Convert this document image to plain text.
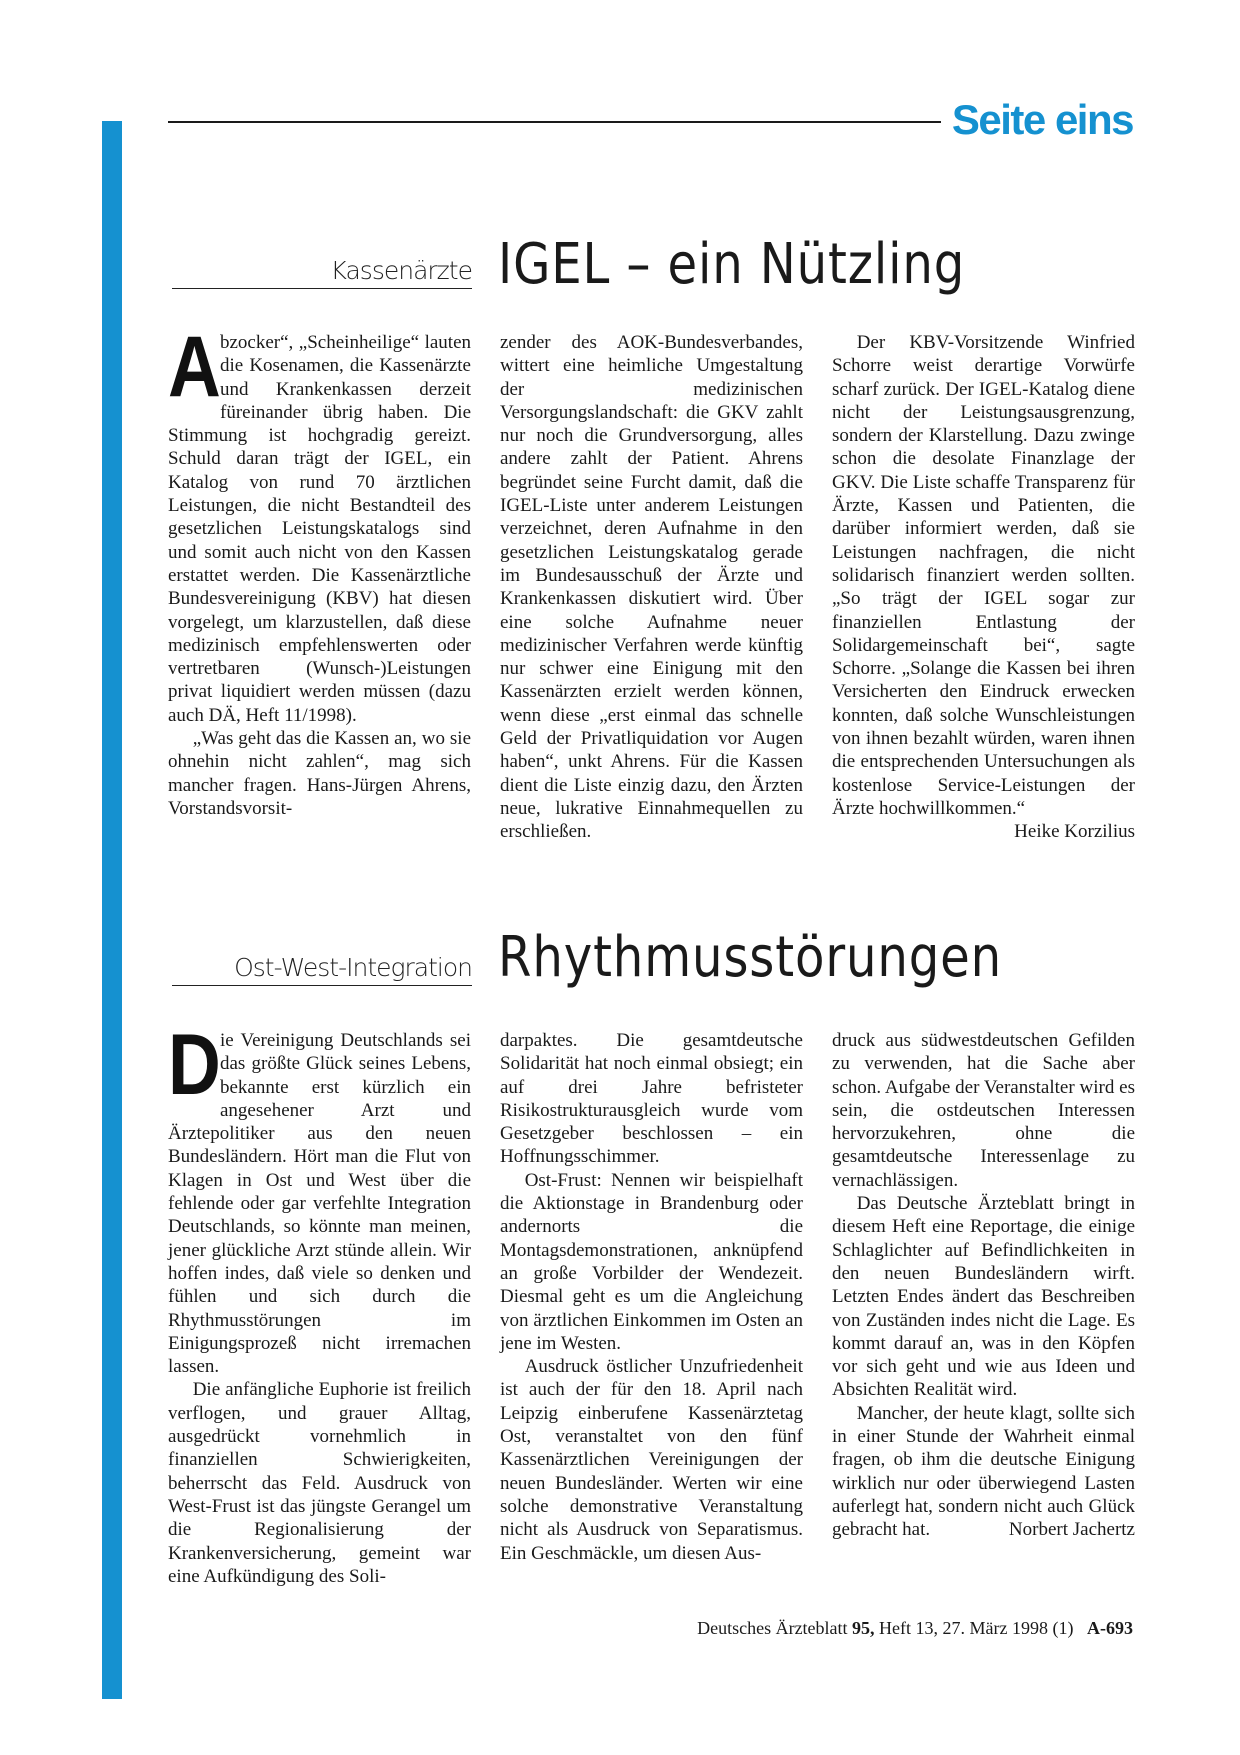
Seite eins
Kassenärzte IGEL – ein Nützling

Abzocker“, „Scheinheilige“ lauten die Kosenamen, die Kassenärzte und Krankenkassen derzeit füreinander übrig haben. Die Stimmung ist hochgradig gereizt. Schuld daran trägt der IGEL, ein Katalog von rund 70 ärztlichen Leistungen, die nicht Bestandteil des gesetzlichen Leistungskatalogs sind und somit auch nicht von den Kassen erstattet werden. Die Kassenärztliche Bundesvereinigung (KBV) hat diesen vorgelegt, um klarzustellen, daß diese medizinisch empfehlenswerten oder vertretbaren (Wunsch-)Leistungen privat liquidiert werden müssen (dazu auch DÄ, Heft 11/1998).

„Was geht das die Kassen an, wo sie ohnehin nicht zahlen“, mag sich mancher fragen. Hans-Jürgen Ahrens, Vorstandsvorsit-

zender des AOK-Bundesverbandes, wittert eine heimliche Umgestaltung der medizinischen Versorgungslandschaft: die GKV zahlt nur noch die Grundversorgung, alles andere zahlt der Patient. Ahrens begründet seine Furcht damit, daß die IGEL-Liste unter anderem Leistungen verzeichnet, deren Aufnahme in den gesetzlichen Leistungskatalog gerade im Bundesausschuß der Ärzte und Krankenkassen diskutiert wird. Über eine solche Aufnahme neuer medizinischer Verfahren werde künftig nur schwer eine Einigung mit den Kassenärzten erzielt werden können, wenn diese „erst einmal das schnelle Geld der Privatliquidation vor Augen haben“, unkt Ahrens. Für die Kassen dient die Liste einzig dazu, den Ärzten neue, lukrative Einnahmequellen zu erschließen.

Der KBV-Vorsitzende Winfried Schorre weist derartige Vorwürfe scharf zurück. Der IGEL-Katalog diene nicht der Leistungsausgrenzung, sondern der Klarstellung. Dazu zwinge schon die desolate Finanzlage der GKV. Die Liste schaffe Transparenz für Ärzte, Kassen und Patienten, die darüber informiert werden, daß sie Leistungen nachfragen, die nicht solidarisch finanziert werden sollten. „So trägt der IGEL sogar zur finanziellen Entlastung der Solidargemeinschaft bei“, sagte Schorre. „Solange die Kassen bei ihren Versicherten den Eindruck erwecken konnten, daß solche Wunschleistungen von ihnen bezahlt würden, waren ihnen die entsprechenden Untersuchungen als kostenlose Service-Leistungen der Ärzte hochwillkommen.“
Heike Korzilius

Ost-West-Integration Rhythmusstörungen

Die Vereinigung Deutschlands sei das größte Glück seines Lebens, bekannte erst kürzlich ein angesehener Arzt und Ärztepolitiker aus den neuen Bundesländern. Hört man die Flut von Klagen in Ost und West über die fehlende oder gar verfehlte Integration Deutschlands, so könnte man meinen, jener glückliche Arzt stünde allein. Wir hoffen indes, daß viele so denken und fühlen und sich durch die Rhythmusstörungen im Einigungsprozeß nicht irremachen lassen.

Die anfängliche Euphorie ist freilich verflogen, und grauer Alltag, ausgedrückt vornehmlich in finanziellen Schwierigkeiten, beherrscht das Feld. Ausdruck von West-Frust ist das jüngste Gerangel um die Regionalisierung der Krankenversicherung, gemeint war eine Aufkündigung des Soli-

darpaktes. Die gesamtdeutsche Solidarität hat noch einmal obsiegt; ein auf drei Jahre befristeter Risikostrukturausgleich wurde vom Gesetzgeber beschlossen – ein Hoffnungsschimmer.

Ost-Frust: Nennen wir beispielhaft die Aktionstage in Brandenburg oder andernorts die Montagsdemonstrationen, anknüpfend an große Vorbilder der Wendezeit. Diesmal geht es um die Angleichung von ärztlichen Einkommen im Osten an jene im Westen.

Ausdruck östlicher Unzufriedenheit ist auch der für den 18. April nach Leipzig einberufene Kassenärztetag Ost, veranstaltet von den fünf Kassenärztlichen Vereinigungen der neuen Bundesländer. Werten wir eine solche demonstrative Veranstaltung nicht als Ausdruck von Separatismus. Ein Geschmäckle, um diesen Aus-

druck aus südwestdeutschen Gefilden zu verwenden, hat die Sache aber schon. Aufgabe der Veranstalter wird es sein, die ostdeutschen Interessen hervorzukehren, ohne die gesamtdeutsche Interessenlage zu vernachlässigen.

Das Deutsche Ärzteblatt bringt in diesem Heft eine Reportage, die einige Schlaglichter auf Befindlichkeiten in den neuen Bundesländern wirft. Letzten Endes ändert das Beschreiben von Zuständen indes nicht die Lage. Es kommt darauf an, was in den Köpfen vor sich geht und wie aus Ideen und Absichten Realität wird.

Mancher, der heute klagt, sollte sich in einer Stunde der Wahrheit einmal fragen, ob ihm die deutsche Einigung wirklich nur oder überwiegend Lasten auferlegt hat, sondern nicht auch Glück gebracht hat.	Norbert Jachertz

Deutsches Ärzteblatt 95, Heft 13, 27. März 1998 (1) A-693
